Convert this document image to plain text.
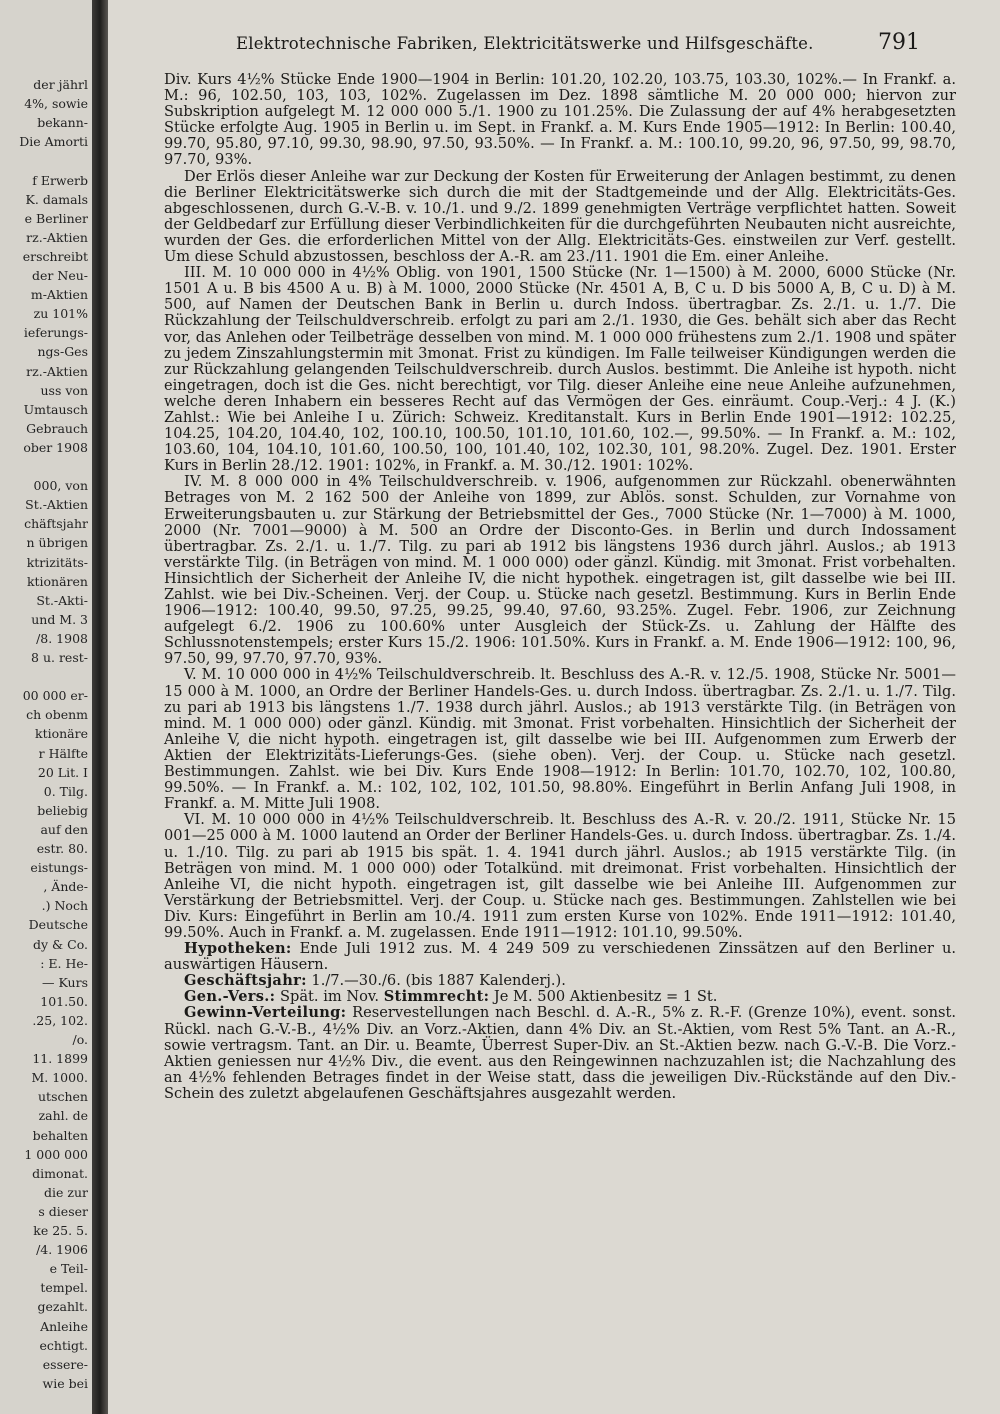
der jährl
4%, sowie
bekann-
Die Amorti
f Erwerb
K. damals
e Berliner
rz.-Aktien
erschreibt
der Neu-
m-Aktien
zu 101%
ieferungs-
ngs-Ges
rz.-Aktien
uss von
Umtausch
Gebrauch
ober 1908
000, von
St.-Aktien
chäftsjahr
n übrigen
ktrizitäts-
ktionären
St.-Akti-
und M. 3
/8. 1908
8 u. rest-
00 000 er-
ch obenm
ktionäre
r Hälfte
20 Lit. I
0. Tilg.
beliebig
auf den
estr. 80.
eistungs-
, Ände-
.) Noch
Deutsche
dy & Co.
: E. He-
— Kurs
101.50.
.25, 102.
/o.
11. 1899
M. 1000.
utschen
zahl. de
behalten
1 000 000
dimonat.
die zur
s dieser
ke 25. 5.
/4. 1906
e Teil-
tempel.
gezahlt.
Anleihe
echtigt.
essere-
wie bei
Elektrotechnische Fabriken, Elektricitätswerke und Hilfsgeschäfte.	791

Div. Kurs 4½% Stücke Ende 1900—1904 in Berlin: 101.20, 102.20, 103.75, 103.30, 102%.— In Frankf. a. M.: 96, 102.50, 103, 103, 102%. Zugelassen im Dez. 1898 sämtliche M. 20 000 000; hiervon zur Subskription aufgelegt M. 12 000 000 5./1. 1900 zu 101.25%. Die Zulassung der auf 4% herabgesetzten Stücke erfolgte Aug. 1905 in Berlin u. im Sept. in Frankf. a. M. Kurs Ende 1905—1912: In Berlin: 100.40, 99.70, 95.80, 97.10, 99.30, 98.90, 97.50, 93.50%. — In Frankf. a. M.: 100.10, 99.20, 96, 97.50, 99, 98.70, 97.70, 93%.

Der Erlös dieser Anleihe war zur Deckung der Kosten für Erweiterung der Anlagen bestimmt, zu denen die Berliner Elektricitätswerke sich durch die mit der Stadtgemeinde und der Allg. Elektricitäts-Ges. abgeschlossenen, durch G.-V.-B. v. 10./1. und 9./2. 1899 genehmigten Verträge verpflichtet hatten. Soweit der Geldbedarf zur Erfüllung dieser Verbindlichkeiten für die durchgeführten Neubauten nicht ausreichte, wurden der Ges. die erforderlichen Mittel von der Allg. Elektricitäts-Ges. einstweilen zur Verf. gestellt. Um diese Schuld abzustossen, beschloss der A.-R. am 23./11. 1901 die Em. einer Anleihe.

III. M. 10 000 000 in 4½% Oblig. von 1901, 1500 Stücke (Nr. 1—1500) à M. 2000, 6000 Stücke (Nr. 1501 A u. B bis 4500 A u. B) à M. 1000, 2000 Stücke (Nr. 4501 A, B, C u. D bis 5000 A, B, C u. D) à M. 500, auf Namen der Deutschen Bank in Berlin u. durch Indoss. übertragbar. Zs. 2./1. u. 1./7. Die Rückzahlung der Teilschuldverschreib. erfolgt zu pari am 2./1. 1930, die Ges. behält sich aber das Recht vor, das Anlehen oder Teilbeträge desselben von mind. M. 1 000 000 frühestens zum 2./1. 1908 und später zu jedem Zinszahlungstermin mit 3monat. Frist zu kündigen. Im Falle teilweiser Kündigungen werden die zur Rückzahlung gelangenden Teilschuldverschreib. durch Auslos. bestimmt. Die Anleihe ist hypoth. nicht eingetragen, doch ist die Ges. nicht berechtigt, vor Tilg. dieser Anleihe eine neue Anleihe aufzunehmen, welche deren Inhabern ein besseres Recht auf das Vermögen der Ges. einräumt. Coup.-Verj.: 4 J. (K.) Zahlst.: Wie bei Anleihe I u. Zürich: Schweiz. Kreditanstalt. Kurs in Berlin Ende 1901—1912: 102.25, 104.25, 104.20, 104.40, 102, 100.10, 100.50, 101.10, 101.60, 102.—, 99.50%. — In Frankf. a. M.: 102, 103.60, 104, 104.10, 101.60, 100.50, 100, 101.40, 102, 102.30, 101, 98.20%. Zugel. Dez. 1901. Erster Kurs in Berlin 28./12. 1901: 102%, in Frankf. a. M. 30./12. 1901: 102%.

IV. M. 8 000 000 in 4% Teilschuldverschreib. v. 1906, aufgenommen zur Rückzahl. obenerwähnten Betrages von M. 2 162 500 der Anleihe von 1899, zur Ablös. sonst. Schulden, zur Vornahme von Erweiterungsbauten u. zur Stärkung der Betriebsmittel der Ges., 7000 Stücke (Nr. 1—7000) à M. 1000, 2000 (Nr. 7001—9000) à M. 500 an Ordre der Disconto-Ges. in Berlin und durch Indossament übertragbar. Zs. 2./1. u. 1./7. Tilg. zu pari ab 1912 bis längstens 1936 durch jährl. Auslos.; ab 1913 verstärkte Tilg. (in Beträgen von mind. M. 1 000 000) oder gänzl. Kündig. mit 3monat. Frist vorbehalten. Hinsichtlich der Sicherheit der Anleihe IV, die nicht hypothek. eingetragen ist, gilt dasselbe wie bei III. Zahlst. wie bei Div.-Scheinen. Verj. der Coup. u. Stücke nach gesetzl. Bestimmung. Kurs in Berlin Ende 1906—1912: 100.40, 99.50, 97.25, 99.25, 99.40, 97.60, 93.25%. Zugel. Febr. 1906, zur Zeichnung aufgelegt 6./2. 1906 zu 100.60% unter Ausgleich der Stück-Zs. u. Zahlung der Hälfte des Schlussnotenstempels; erster Kurs 15./2. 1906: 101.50%. Kurs in Frankf. a. M. Ende 1906—1912: 100, 96, 97.50, 99, 97.70, 97.70, 93%.

V. M. 10 000 000 in 4½% Teilschuldverschreib. lt. Beschluss des A.-R. v. 12./5. 1908, Stücke Nr. 5001—15 000 à M. 1000, an Ordre der Berliner Handels-Ges. u. durch Indoss. übertragbar. Zs. 2./1. u. 1./7. Tilg. zu pari ab 1913 bis längstens 1./7. 1938 durch jährl. Auslos.; ab 1913 verstärkte Tilg. (in Beträgen von mind. M. 1 000 000) oder gänzl. Kündig. mit 3monat. Frist vorbehalten. Hinsichtlich der Sicherheit der Anleihe V, die nicht hypoth. eingetragen ist, gilt dasselbe wie bei III. Aufgenommen zum Erwerb der Aktien der Elektrizitäts-Lieferungs-Ges. (siehe oben). Verj. der Coup. u. Stücke nach gesetzl. Bestimmungen. Zahlst. wie bei Div. Kurs Ende 1908—1912: In Berlin: 101.70, 102.70, 102, 100.80, 99.50%. — In Frankf. a. M.: 102, 102, 102, 101.50, 98.80%. Eingeführt in Berlin Anfang Juli 1908, in Frankf. a. M. Mitte Juli 1908.

VI. M. 10 000 000 in 4½% Teilschuldverschreib. lt. Beschluss des A.-R. v. 20./2. 1911, Stücke Nr. 15 001—25 000 à M. 1000 lautend an Order der Berliner Handels-Ges. u. durch Indoss. übertragbar. Zs. 1./4. u. 1./10. Tilg. zu pari ab 1915 bis spät. 1. 4. 1941 durch jährl. Auslos.; ab 1915 verstärkte Tilg. (in Beträgen von mind. M. 1 000 000) oder Totalkünd. mit dreimonat. Frist vorbehalten. Hinsichtlich der Anleihe VI, die nicht hypoth. eingetragen ist, gilt dasselbe wie bei Anleihe III. Aufgenommen zur Verstärkung der Betriebsmittel. Verj. der Coup. u. Stücke nach ges. Bestimmungen. Zahlstellen wie bei Div. Kurs: Eingeführt in Berlin am 10./4. 1911 zum ersten Kurse von 102%. Ende 1911—1912: 101.40, 99.50%. Auch in Frankf. a. M. zugelassen. Ende 1911—1912: 101.10, 99.50%.

Hypotheken: Ende Juli 1912 zus. M. 4 249 509 zu verschiedenen Zinssätzen auf den Berliner u. auswärtigen Häusern.

Geschäftsjahr: 1./7.—30./6. (bis 1887 Kalenderj.).

Gen.-Vers.: Spät. im Nov. Stimmrecht: Je M. 500 Aktienbesitz = 1 St.

Gewinn-Verteilung: Reservestellungen nach Beschl. d. A.-R., 5% z. R.-F. (Grenze 10%), event. sonst. Rückl. nach G.-V.-B., 4½% Div. an Vorz.-Aktien, dann 4% Div. an St.-Aktien, vom Rest 5% Tant. an A.-R., sowie vertragsm. Tant. an Dir. u. Beamte, Überrest Super-Div. an St.-Aktien bezw. nach G.-V.-B. Die Vorz.-Aktien geniessen nur 4½% Div., die event. aus den Reingewinnen nachzuzahlen ist; die Nachzahlung des an 4½% fehlenden Betrages findet in der Weise statt, dass die jeweiligen Div.-Rückstände auf den Div.-Schein des zuletzt abgelaufenen Geschäftsjahres ausgezahlt werden.
